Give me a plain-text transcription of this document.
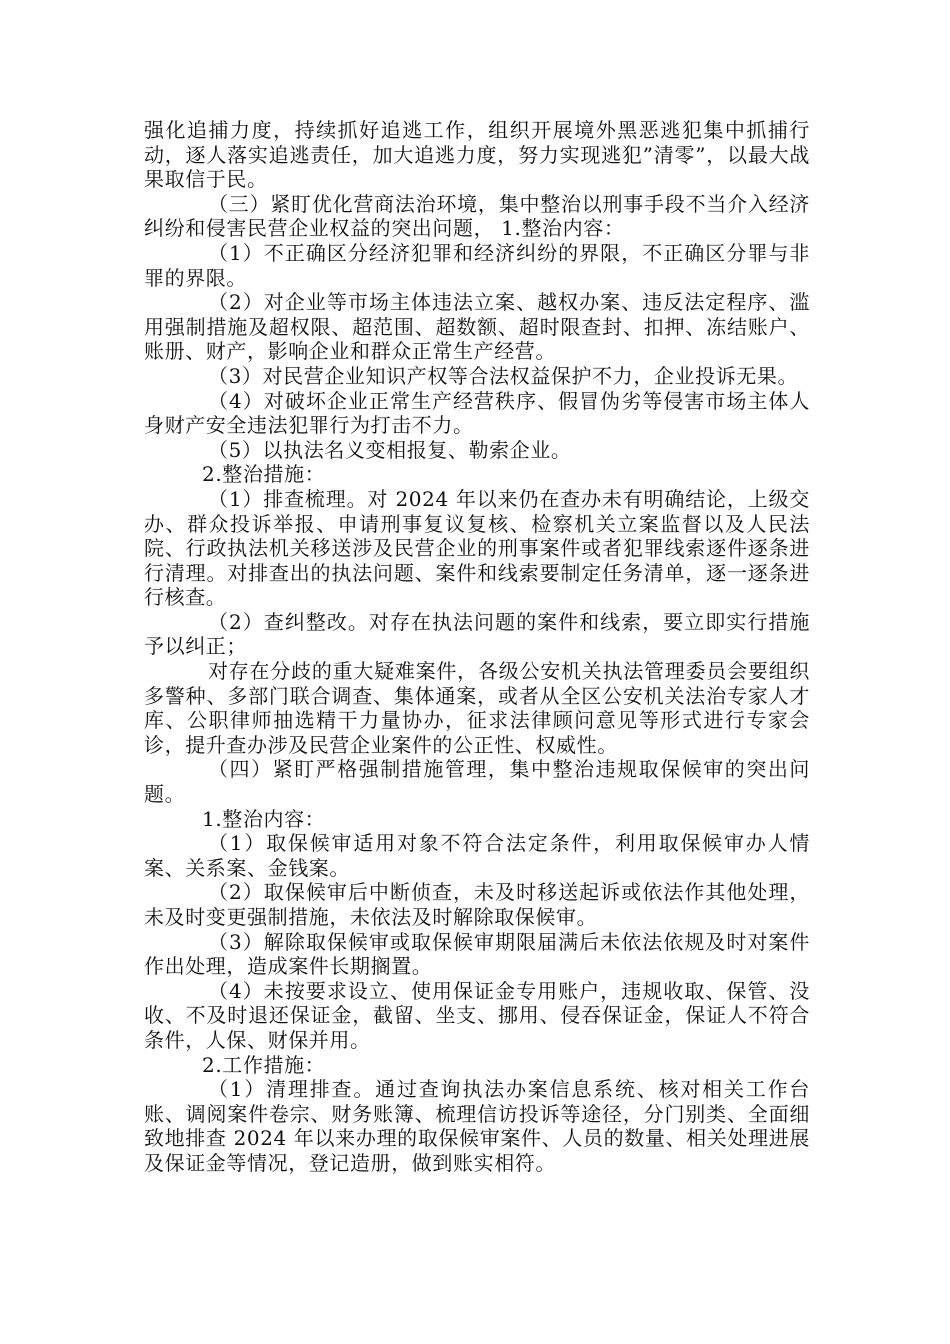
强化追捕力度，持续抓好追逃工作，组织开展境外黑恶逃犯集中抓捕行动，逐人落实追逃责任，加大追逃力度，努力实现逃犯”清零”，以最大战果取信于民。

（三）紧盯优化营商法治环境，集中整治以刑事手段不当介入经济纠纷和侵害民营企业权益的突出问题， 1.整治内容：

（1）不正确区分经济犯罪和经济纠纷的界限，不正确区分罪与非罪的界限。

（2）对企业等市场主体违法立案、越权办案、违反法定程序、滥用强制措施及超权限、超范围、超数额、超时限查封、扣押、冻结账户、账册、财产，影响企业和群众正常生产经营。

（3）对民营企业知识产权等合法权益保护不力，企业投诉无果。

（4）对破坏企业正常生产经营秩序、假冒伪劣等侵害市场主体人身财产安全违法犯罪行为打击不力。

（5）以执法名义变相报复、勒索企业。

2.整治措施：

（1）排查梳理。对 2024 年以来仍在查办未有明确结论，上级交办、群众投诉举报、申请刑事复议复核、检察机关立案监督以及人民法院、行政执法机关移送涉及民营企业的刑事案件或者犯罪线索逐件逐条进行清理。对排查出的执法问题、案件和线索要制定任务清单，逐一逐条进行核查。

（2）查纠整改。对存在执法问题的案件和线索，要立即实行措施予以纠正；

对存在分歧的重大疑难案件，各级公安机关执法管理委员会要组织多警种、多部门联合调查、集体通案，或者从全区公安机关法治专家人才库、公职律师抽选精干力量协办，征求法律顾问意见等形式进行专家会诊，提升查办涉及民营企业案件的公正性、权威性。

（四）紧盯严格强制措施管理，集中整治违规取保候审的突出问题。

1.整治内容：

（1）取保候审适用对象不符合法定条件，利用取保候审办人情案、关系案、金钱案。

（2）取保候审后中断侦查，未及时移送起诉或依法作其他处理，未及时变更强制措施，未依法及时解除取保候审。

（3）解除取保候审或取保候审期限届满后未依法依规及时对案件作出处理，造成案件长期搁置。

（4）未按要求设立、使用保证金专用账户，违规收取、保管、没收、不及时退还保证金，截留、坐支、挪用、侵吞保证金，保证人不符合条件，人保、财保并用。

2.工作措施：

（1）清理排查。通过查询执法办案信息系统、核对相关工作台账、调阅案件卷宗、财务账簿、梳理信访投诉等途径，分门别类、全面细致地排查 2024 年以来办理的取保候审案件、人员的数量、相关处理进展及保证金等情况，登记造册，做到账实相符。
